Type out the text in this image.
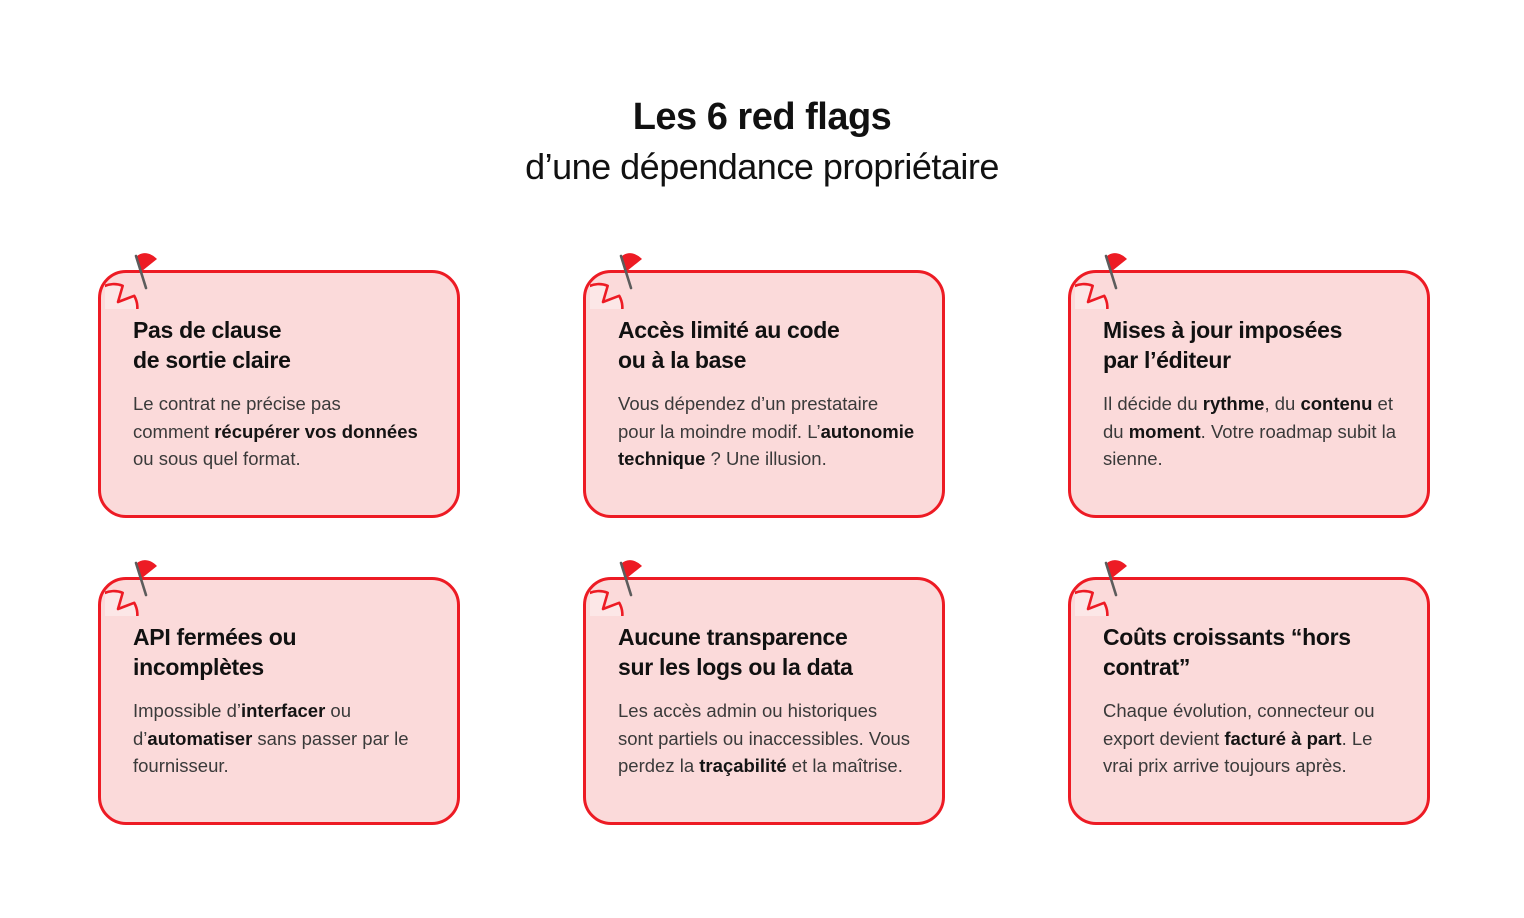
Les 6 red flags
d’une dépendance propriétaire
Pas de clause
de sortie claire
Le contrat ne précise pas
comment récupérer vos données
ou sous quel format.
Accès limité au code
ou à la base
Vous dépendez d’un prestataire
pour la moindre modif. L’autonomie
technique ? Une illusion.
Mises à jour imposées
par l’éditeur
Il décide du rythme, du contenu et
du moment. Votre roadmap subit la
sienne.
API fermées ou
incomplètes
Impossible d’interfacer ou
d’automatiser sans passer par le
fournisseur.
Aucune transparence
sur les logs ou la data
Les accès admin ou historiques
sont partiels ou inaccessibles. Vous
perdez la traçabilité et la maîtrise.
Coûts croissants “hors
contrat”
Chaque évolution, connecteur ou
export devient facturé à part. Le
vrai prix arrive toujours après.
